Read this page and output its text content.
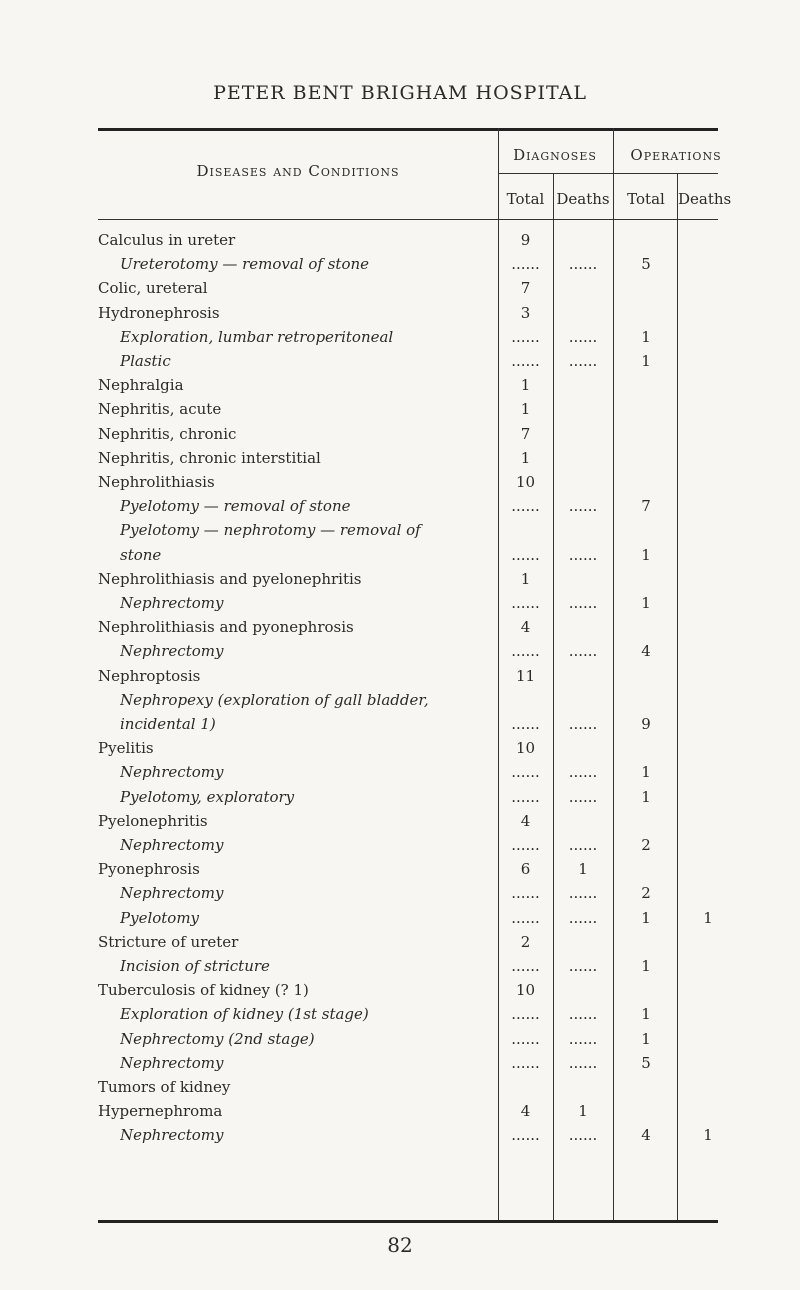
PETER BENT BRIGHAM HOSPITAL
Diseases and Conditions
Diagnoses	Operations
Total Deaths	Total Deaths
Calculus in ureter	9
Ureterotomy — removal of stone	......	......	5
Colic, ureteral	7
Hydronephrosis	3
Exploration, lumbar retroperitoneal	......	......	1
Plastic	......	......	1
Nephralgia	1
Nephritis, acute	1
Nephritis, chronic	7
Nephritis, chronic interstitial	1
Nephrolithiasis	10
Pyelotomy — removal of stone	......	......	7
Pyelotomy — nephrotomy — removal of
stone	......	......	1
Nephrolithiasis and pyelonephritis	1
Nephrectomy	......	......	1
Nephrolithiasis and pyonephrosis	4
Nephrectomy	......	......	4
Nephroptosis	11
Nephropexy (exploration of gall bladder,
incidental 1)	......	......	9
Pyelitis	10
Nephrectomy	......	......	1
Pyelotomy, exploratory	......	......	1
Pyelonephritis	4
Nephrectomy	......	......	2
Pyonephrosis	6	1
Nephrectomy	......	......	2
Pyelotomy	......	......	1	1
Stricture of ureter	2
Incision of stricture	......	......	1
Tuberculosis of kidney (? 1)	10
Exploration of kidney (1st stage)	......	......	1
Nephrectomy (2nd stage)	......	......	1
Nephrectomy	......	......	5
Tumors of kidney
Hypernephroma	4	1
Nephrectomy	......	......	4	1
82
